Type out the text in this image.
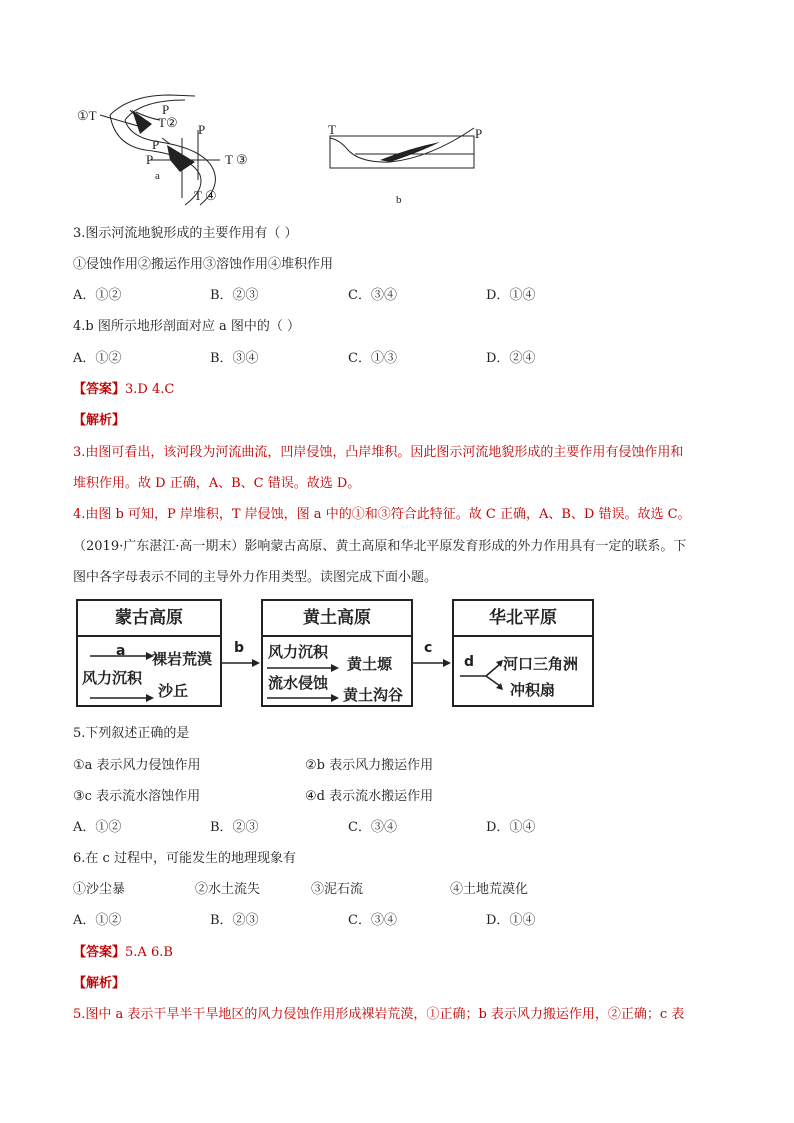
①T	P
T② P
P
T ③
P
T ④
a
T	P
b
3.图示河流地貌形成的主要作用有（ ）
①侵蚀作用②搬运作用③溶蚀作用④堆积作用
A．①②	B．②③	C．③④	D．①④
4.b 图所示地形剖面对应 a 图中的（ ）
A．①②	B．③④	C．①③	D．②④
【答案】3.D 4.C
【解析】
3.由图可看出，该河段为河流曲流，凹岸侵蚀，凸岸堆积。因此图示河流地貌形成的主要作用有侵蚀作用和
堆积作用。故 D 正确，A、B、C 错误。故选 D。
4.由图 b 可知，P 岸堆积，T 岸侵蚀，图 a 中的①和③符合此特征。故 C 正确，A、B、D 错误。故选 C。
（2019·广东湛江·高一期末）影响蒙古高原、黄土高原和华北平原发育形成的外力作用具有一定的联系。下
图中各字母表示不同的主导外力作用类型。读图完成下面小题。
蒙古高原
a 裸岩荒漠
风力沉积
沙丘
b
黄土高原
风力沉积
黄土塬
流水侵蚀
黄土沟谷
c
华北平原
d 河口三角洲
冲积扇
5.下列叙述正确的是
①a 表示风力侵蚀作用	②b 表示风力搬运作用
③c 表示流水溶蚀作用	④d 表示流水搬运作用
A．①②	B．②③	C．③④	D．①④
6.在 c 过程中，可能发生的地理现象有
①沙尘暴	②水土流失	③泥石流	④土地荒漠化
A．①②	B．②③	C．③④	D．①④
【答案】5.A 6.B
【解析】
5.图中 a 表示干旱半干旱地区的风力侵蚀作用形成裸岩荒漠，①正确；b 表示风力搬运作用，②正确；c 表
